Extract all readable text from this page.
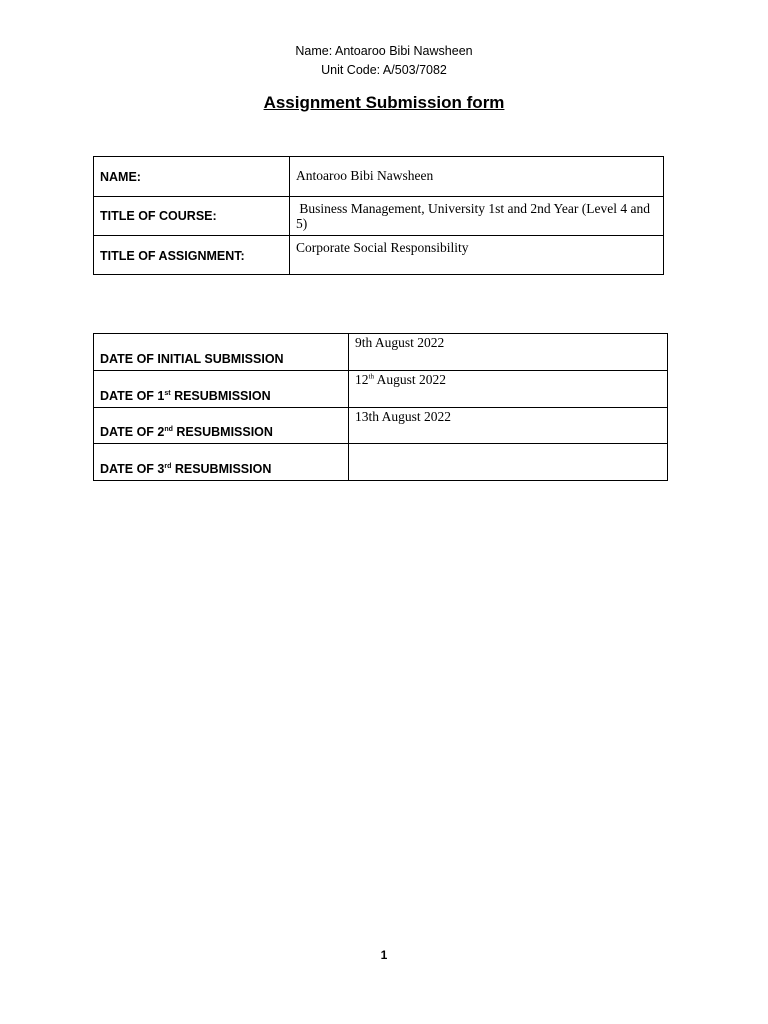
Name: Antoaroo Bibi Nawsheen
Unit Code: A/503/7082
Assignment Submission form
NAME:	Antoaroo Bibi Nawsheen
TITLE OF COURSE:	Business Management, University 1st and 2nd Year (Level 4 and 5)
TITLE OF ASSIGNMENT:	Corporate Social Responsibility
DATE OF INITIAL SUBMISSION	9th August 2022
DATE OF 1st RESUBMISSION	12th August 2022
DATE OF 2nd RESUBMISSION	13th August 2022
DATE OF 3rd RESUBMISSION	
1
